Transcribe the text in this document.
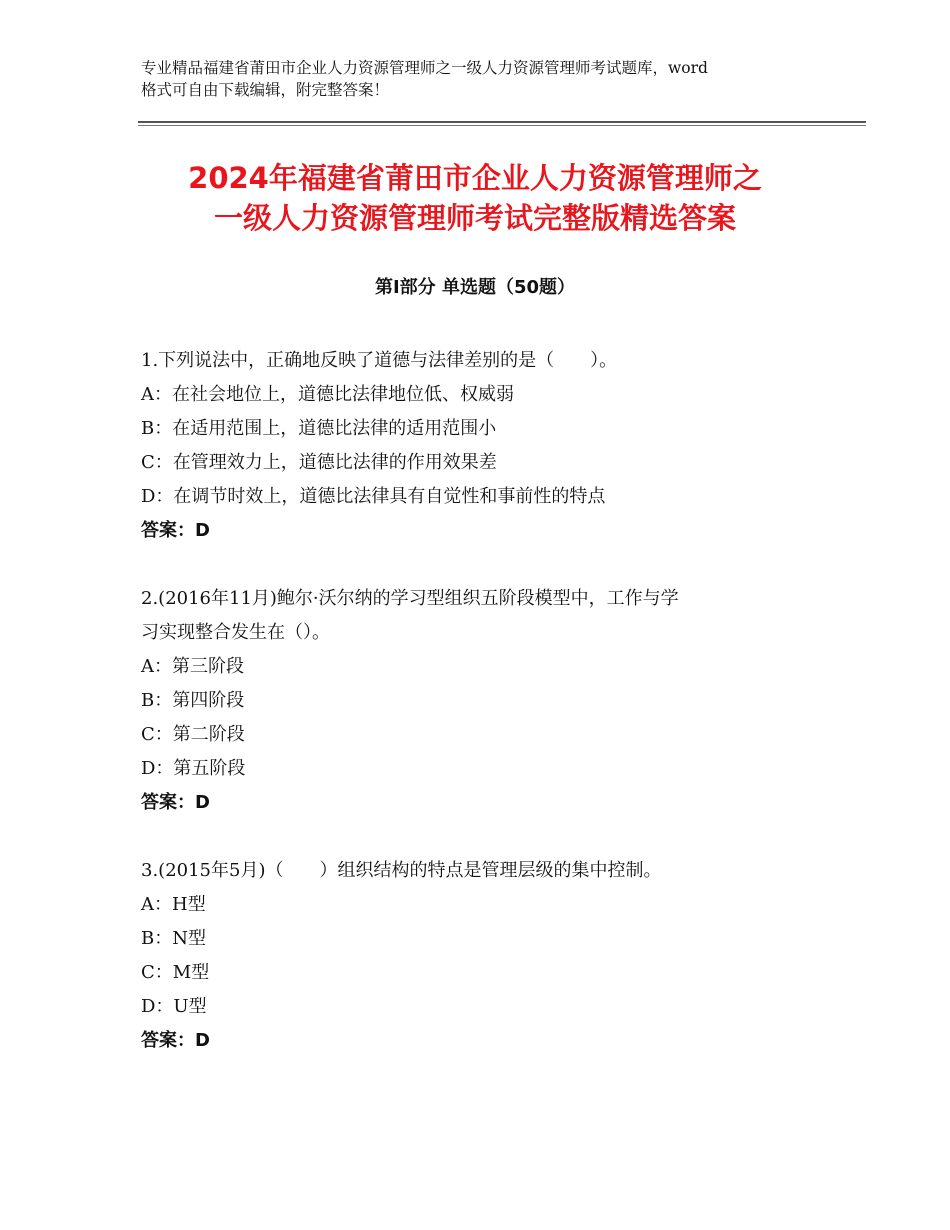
专业精品福建省莆田市企业人力资源管理师之一级人力资源管理师考试题库，word
格式可自由下载编辑，附完整答案！
2024年福建省莆田市企业人力资源管理师之
一级人力资源管理师考试完整版精选答案
第Ⅰ部分 单选题（50题）
1.下列说法中，正确地反映了道德与法律差别的是（　　）。
A：在社会地位上，道德比法律地位低、权威弱
B：在适用范围上，道德比法律的适用范围小
C：在管理效力上，道德比法律的作用效果差
D：在调节时效上，道德比法律具有自觉性和事前性的特点
答案：D
2.(2016年11月)鲍尔·沃尔纳的学习型组织五阶段模型中，工作与学
习实现整合发生在（）。
A：第三阶段
B：第四阶段
C：第二阶段
D：第五阶段
答案：D
3.(2015年5月)（　　）组织结构的特点是管理层级的集中控制。
A：H型
B：N型
C：M型
D：U型
答案：D
